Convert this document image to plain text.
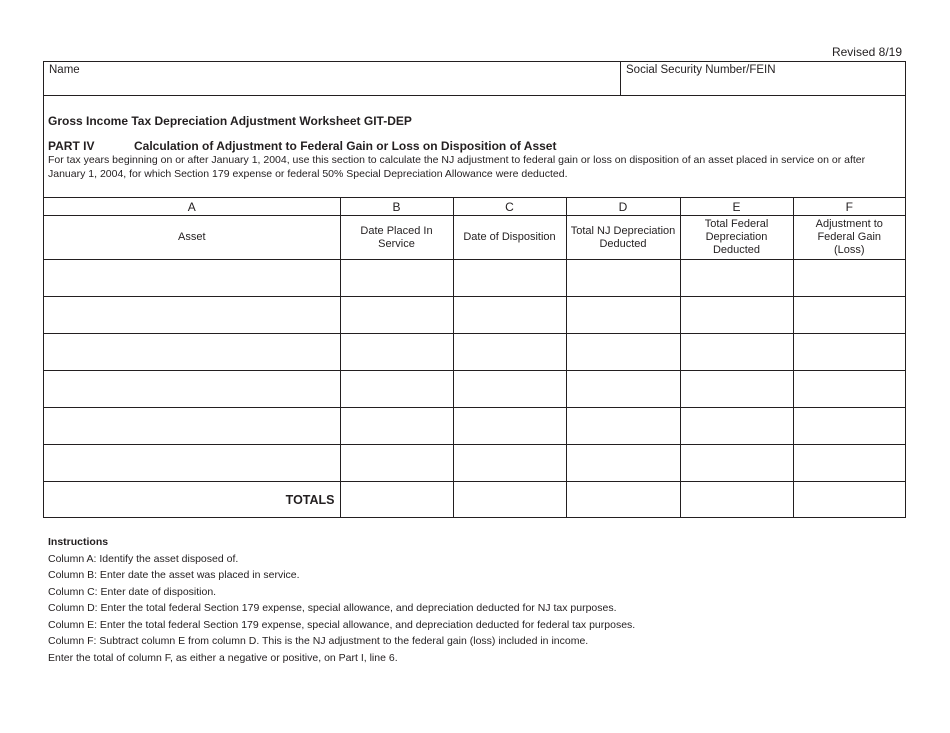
Revised 8/19
Name	Social Security Number/FEIN
Gross Income Tax Depreciation Adjustment Worksheet GIT-DEP
PART IV	Calculation of Adjustment to Federal Gain or Loss on Disposition of Asset
For tax years beginning on or after January 1, 2004, use this section to calculate the NJ adjustment to federal gain or loss on disposition of an asset placed in service on or after January 1, 2004, for which Section 179 expense or federal 50% Special Depreciation Allowance were deducted.
A	B	C	D	E	F
Asset	Date Placed In Service	Date of Disposition	Total NJ Depreciation Deducted	Total Federal Depreciation Deducted	Adjustment to Federal Gain (Loss)

TOTALS					
Instructions
Column A: Identify the asset disposed of.
Column B: Enter date the asset was placed in service.
Column C: Enter date of disposition.
Column D: Enter the total federal Section 179 expense, special allowance, and depreciation deducted for NJ tax purposes.
Column E: Enter the total federal Section 179 expense, special allowance, and depreciation deducted for federal tax purposes.
Column F: Subtract column E from column D. This is the NJ adjustment to the federal gain (loss) included in income.
Enter the total of column F, as either a negative or positive, on Part I, line 6.
